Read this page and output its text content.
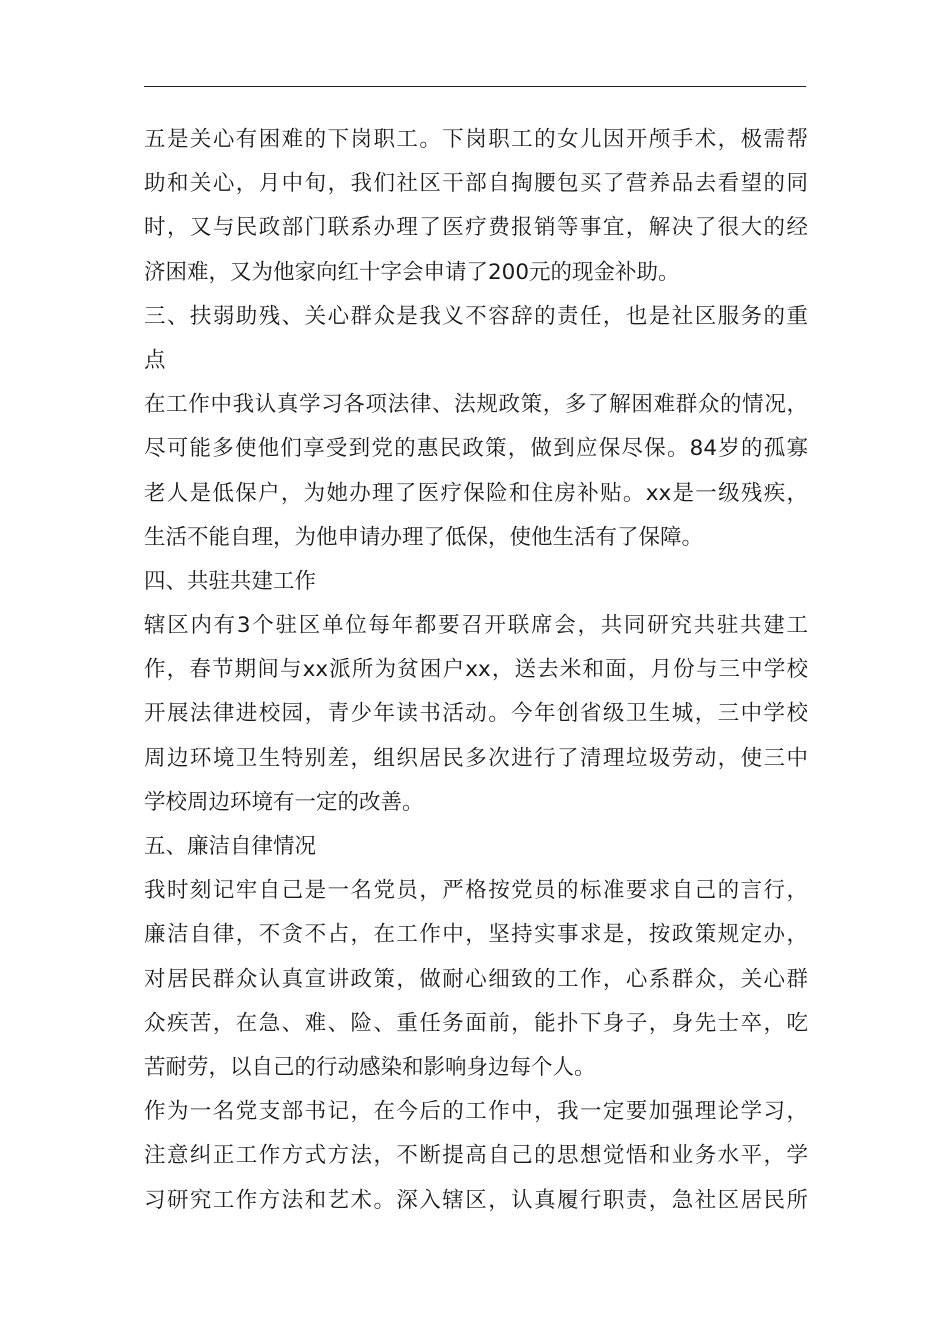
五是关心有困难的下岗职工。下岗职工的女儿因开颅手术，极需帮
助和关心，月中旬，我们社区干部自掏腰包买了营养品去看望的同
时，又与民政部门联系办理了医疗费报销等事宜，解决了很大的经
济困难，又为他家向红十字会申请了200元的现金补助。
三、扶弱助残、关心群众是我义不容辞的责任，也是社区服务的重
点
在工作中我认真学习各项法律、法规政策，多了解困难群众的情况，
尽可能多使他们享受到党的惠民政策，做到应保尽保。84岁的孤寡
老人是低保户，为她办理了医疗保险和住房补贴。xx是一级残疾，
生活不能自理，为他申请办理了低保，使他生活有了保障。
四、共驻共建工作
辖区内有3个驻区单位每年都要召开联席会，共同研究共驻共建工
作，春节期间与xx派所为贫困户xx，送去米和面，月份与三中学校
开展法律进校园，青少年读书活动。今年创省级卫生城，三中学校
周边环境卫生特别差，组织居民多次进行了清理垃圾劳动，使三中
学校周边环境有一定的改善。
五、廉洁自律情况
我时刻记牢自己是一名党员，严格按党员的标准要求自己的言行，
廉洁自律，不贪不占，在工作中，坚持实事求是，按政策规定办，
对居民群众认真宣讲政策，做耐心细致的工作，心系群众，关心群
众疾苦，在急、难、险、重任务面前，能扑下身子，身先士卒，吃
苦耐劳，以自己的行动感染和影响身边每个人。
作为一名党支部书记，在今后的工作中，我一定要加强理论学习，
注意纠正工作方式方法，不断提高自己的思想觉悟和业务水平，学
习研究工作方法和艺术。深入辖区，认真履行职责，急社区居民所
